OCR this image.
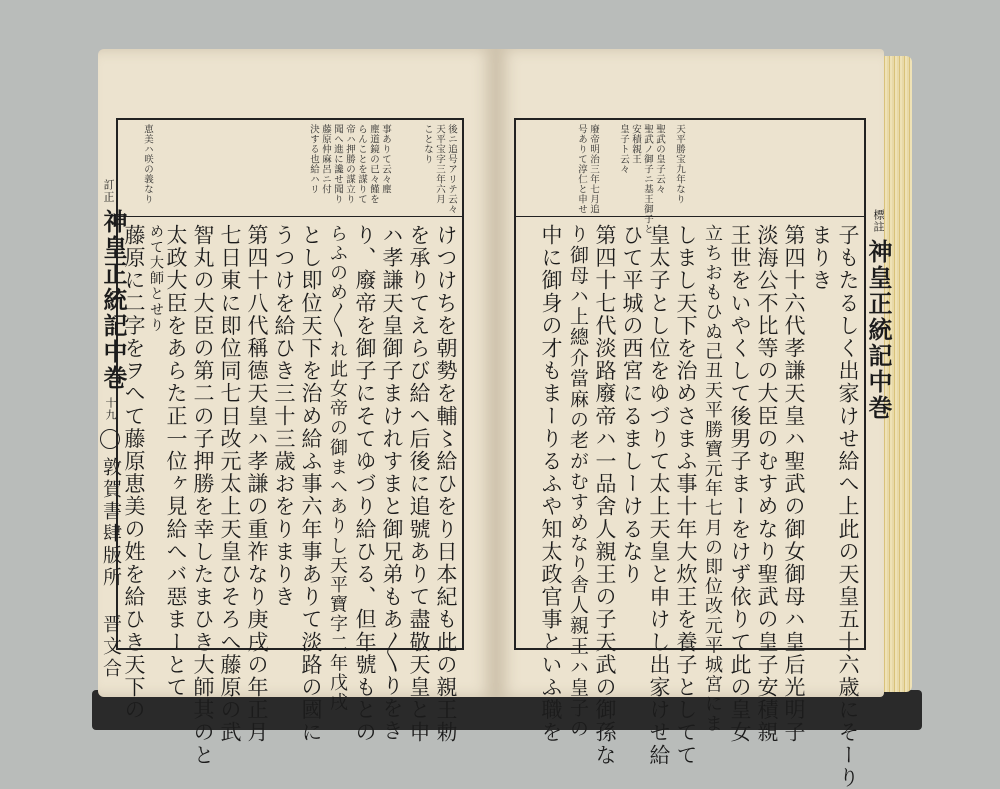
後ニ追号アリテ云々
天平宝字三年六月
ことなり
事ありて云々塵
塵道鏡の已々饉を
らんことを謀りて
帝ハ押勝の謀立り
聞へ進に讒せ聞り
藤原仲麻呂ニ付
決する也給ハリ
恵美ハ咲の義なり
けつけちを朝勢を輔〻給ひをり日本紀も此の親王勅
を承りてえらび給へ后後に追號ありて盡敬天皇と申
ハ孝謙天皇御子まけれすまと御兄弟もあ〳〵りをき
り、廢帝を御子にそてゆづり給ひる、但年號もとの
らふのめ〳〵れ此女帝の御まへありし天平寶字二年戊戌
とし即位天下を治め給ふ事六年事ありて淡路の國に
うつけを給ひき三十三歳おをりまりき
第四十八代稱德天皇ハ孝謙の重祚なり庚戌の年正月
七日東に即位同七日改元太上天皇ひそろへ藤原の武
智丸の大臣の第二の子押勝を幸したまひき大師其のと
太政大臣をあらた正一位ヶ見給へバ惡まーとて
めて大師とせり
藤原に二字をヲへて藤原恵美の姓を給ひき天下の
訂正
神皇正統記中巻
十九
敦賀書肆版所 晋文合
聖武の皇子云々
聖武ノ御子ニ基王御子と
安積親王
皇子ト云々
廢帝明治三年七月追
号ありて淳仁と申せ	天平勝宝九年なり
子もたるしく出家けせ給へ上此の天皇五十六歳にそーり
まりき
第四十六代孝謙天皇ハ聖武の御女御母ハ皇后光明子
淡海公不比等の大臣のむすめなり聖武の皇子安積親
王世をいやくして後男子まーをけず依りて此の皇女
立ちおもひぬ己丑天平勝寶元年七月の即位改元平城宮にま
しまし天下を治めさまふ事十年大炊王を養子としてて
皇太子とし位をゆづりて太上天皇と申けし出家けせ給
ひて平城の西宮にるましーけるなり
第四十七代淡路廢帝ハ一品舍人親王の子天武の御孫な
り御母ハ上總介當麻の老がむすめなり舎人親王ハ皇子の
中に御身の才もまーりるふや知太政官事といふ職を
標註
神皇正統記中巻
